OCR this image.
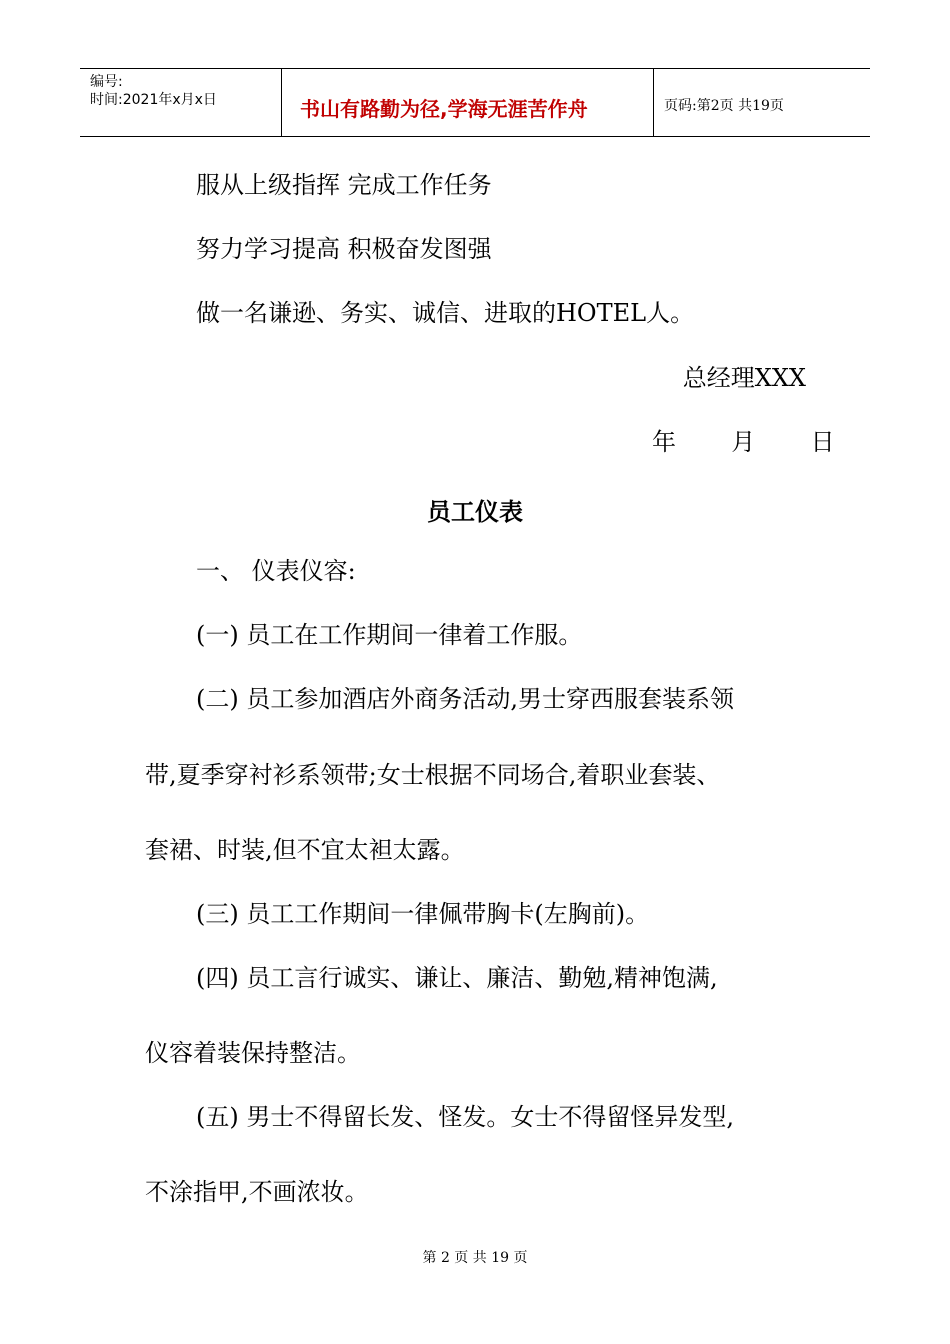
编号:
时间:2021年x月x日	书山有路勤为径,学海无涯苦作舟	页码:第2页 共19页
服从上级指挥 完成工作任务
努力学习提高 积极奋发图强
做一名谦逊、务实、诚信、进取的HOTEL人。
总经理XXX
年 月 日
员工仪表
一、 仪表仪容:
(一) 员工在工作期间一律着工作服。
(二) 员工参加酒店外商务活动,男士穿西服套装系领
带,夏季穿衬衫系领带;女士根据不同场合,着职业套装、
套裙、时装,但不宜太袒太露。
(三) 员工工作期间一律佩带胸卡(左胸前)。
(四) 员工言行诚实、谦让、廉洁、勤勉,精神饱满,
仪容着装保持整洁。
(五) 男士不得留长发、怪发。女士不得留怪异发型,
不涂指甲,不画浓妆。
第 2 页 共 19 页
